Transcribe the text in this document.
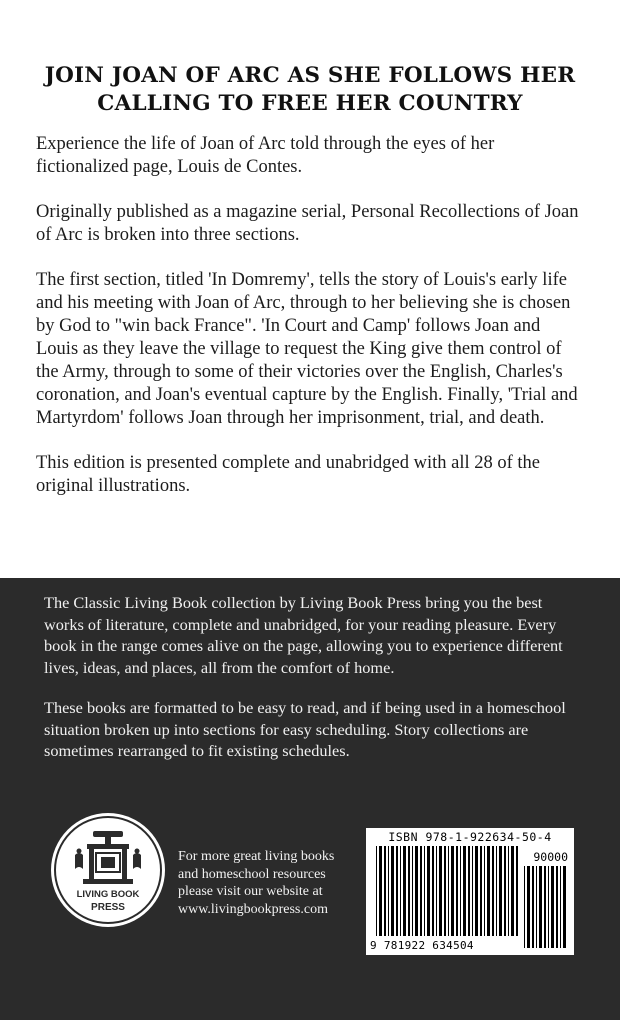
JOIN JOAN OF ARC AS SHE FOLLOWS HER
CALLING TO FREE HER COUNTRY

Experience the life of Joan of Arc told through the eyes of her fictionalized page, Louis de Contes.

Originally published as a magazine serial, Personal Recollections of Joan of Arc is broken into three sections.

The first section, titled 'In Domremy', tells the story of Louis's early life and his meeting with Joan of Arc, through to her believing she is chosen by God to "win back France". 'In Court and Camp' follows Joan and Louis as they leave the village to request the King give them control of the Army, through to some of their victories over the English, Charles's coronation, and Joan's eventual capture by the English. Finally, 'Trial and Martyrdom' follows Joan through her imprisonment, trial, and death.

This edition is presented complete and unabridged with all 28 of the original illustrations.

The Classic Living Book collection by Living Book Press bring you the best works of literature, complete and unabridged, for your reading pleasure. Every book in the range comes alive on the page, allowing you to experience different lives, ideas, and places, all from the comfort of home.

These books are formatted to be easy to read, and if being used in a homeschool situation broken up into sections for easy scheduling. Story collections are sometimes rearranged to fit existing schedules.

LIVING BOOK
PRESS
For more great living books
and homeschool resources
please visit our website at
www.livingbookpress.com
ISBN 978-1-922634-50-4
90000
9 781922 634504
